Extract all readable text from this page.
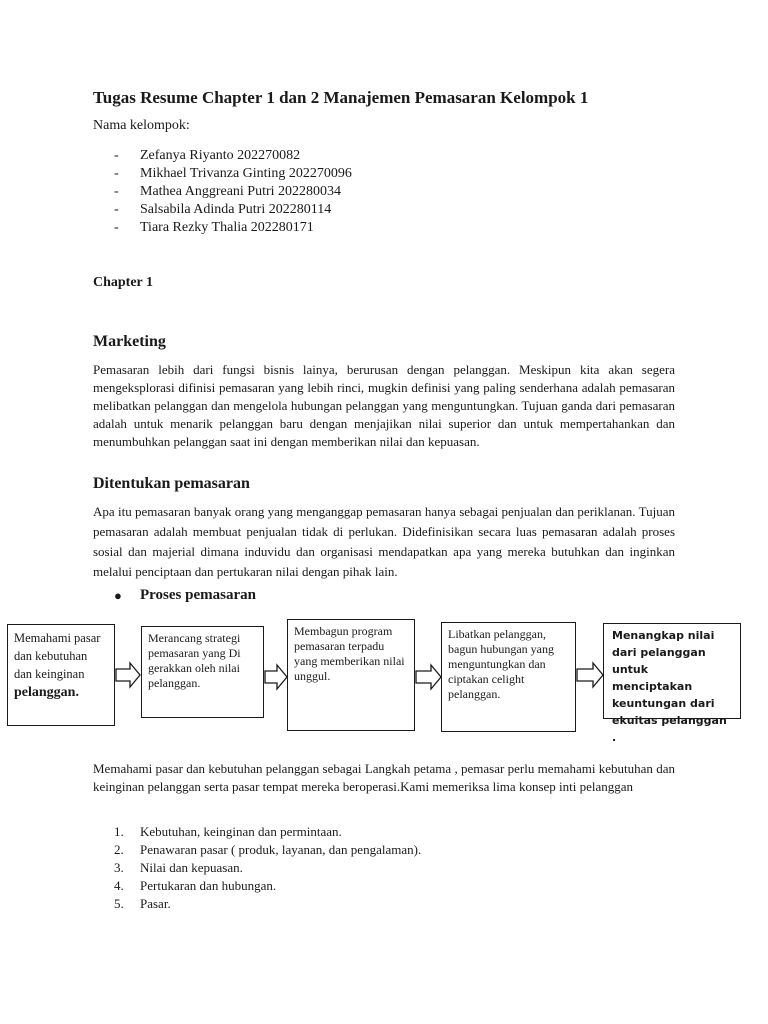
Tugas Resume Chapter 1 dan 2 Manajemen Pemasaran Kelompok 1
Nama kelompok:
- Zefanya Riyanto 202270082
- Mikhael Trivanza Ginting 202270096
- Mathea Anggreani Putri 202280034
- Salsabila Adinda Putri 202280114
- Tiara Rezky Thalia 202280171
Chapter 1
Marketing
Pemasaran lebih dari fungsi bisnis lainya, berurusan dengan pelanggan. Meskipun kita akan segera mengeksplorasi difinisi pemasaran yang lebih rinci, mugkin definisi yang paling senderhana adalah pemasaran melibatkan pelanggan dan mengelola hubungan pelanggan yang menguntungkan. Tujuan ganda dari pemasaran adalah untuk menarik pelanggan baru dengan menjajikan nilai superior dan untuk mempertahankan dan menumbuhkan pelanggan saat ini dengan memberikan nilai dan kepuasan.
Ditentukan pemasaran
Apa itu pemasaran banyak orang yang menganggap pemasaran hanya sebagai penjualan dan periklanan. Tujuan pemasaran adalah membuat penjualan tidak di perlukan. Didefinisikan secara luas pemasaran adalah proses sosial dan majerial dimana induvidu dan organisasi mendapatkan apa yang mereka butuhkan dan inginkan melalui penciptaan dan pertukaran nilai dengan pihak lain.
● Proses pemasaran
Memahami pasar dan kebutuhan dan keinginan
pelanggan.
Merancang strategi pemasaran yang Di gerakkan oleh nilai pelanggan.
Membagun program pemasaran terpadu yang memberikan nilai unggul.
Libatkan pelanggan, bagun hubungan yang menguntungkan dan ciptakan celight pelanggan.
Menangkap nilai dari pelanggan untuk menciptakan keuntungan dari ekuitas pelanggan .
Memahami pasar dan kebutuhan pelanggan sebagai Langkah petama , pemasar perlu memahami kebutuhan dan keinginan pelanggan serta pasar tempat mereka beroperasi.Kami memeriksa lima konsep inti pelanggan
1. Kebutuhan, keinginan dan permintaan.
2. Penawaran pasar ( produk, layanan, dan pengalaman).
3. Nilai dan kepuasan.
4. Pertukaran dan hubungan.
5. Pasar.
